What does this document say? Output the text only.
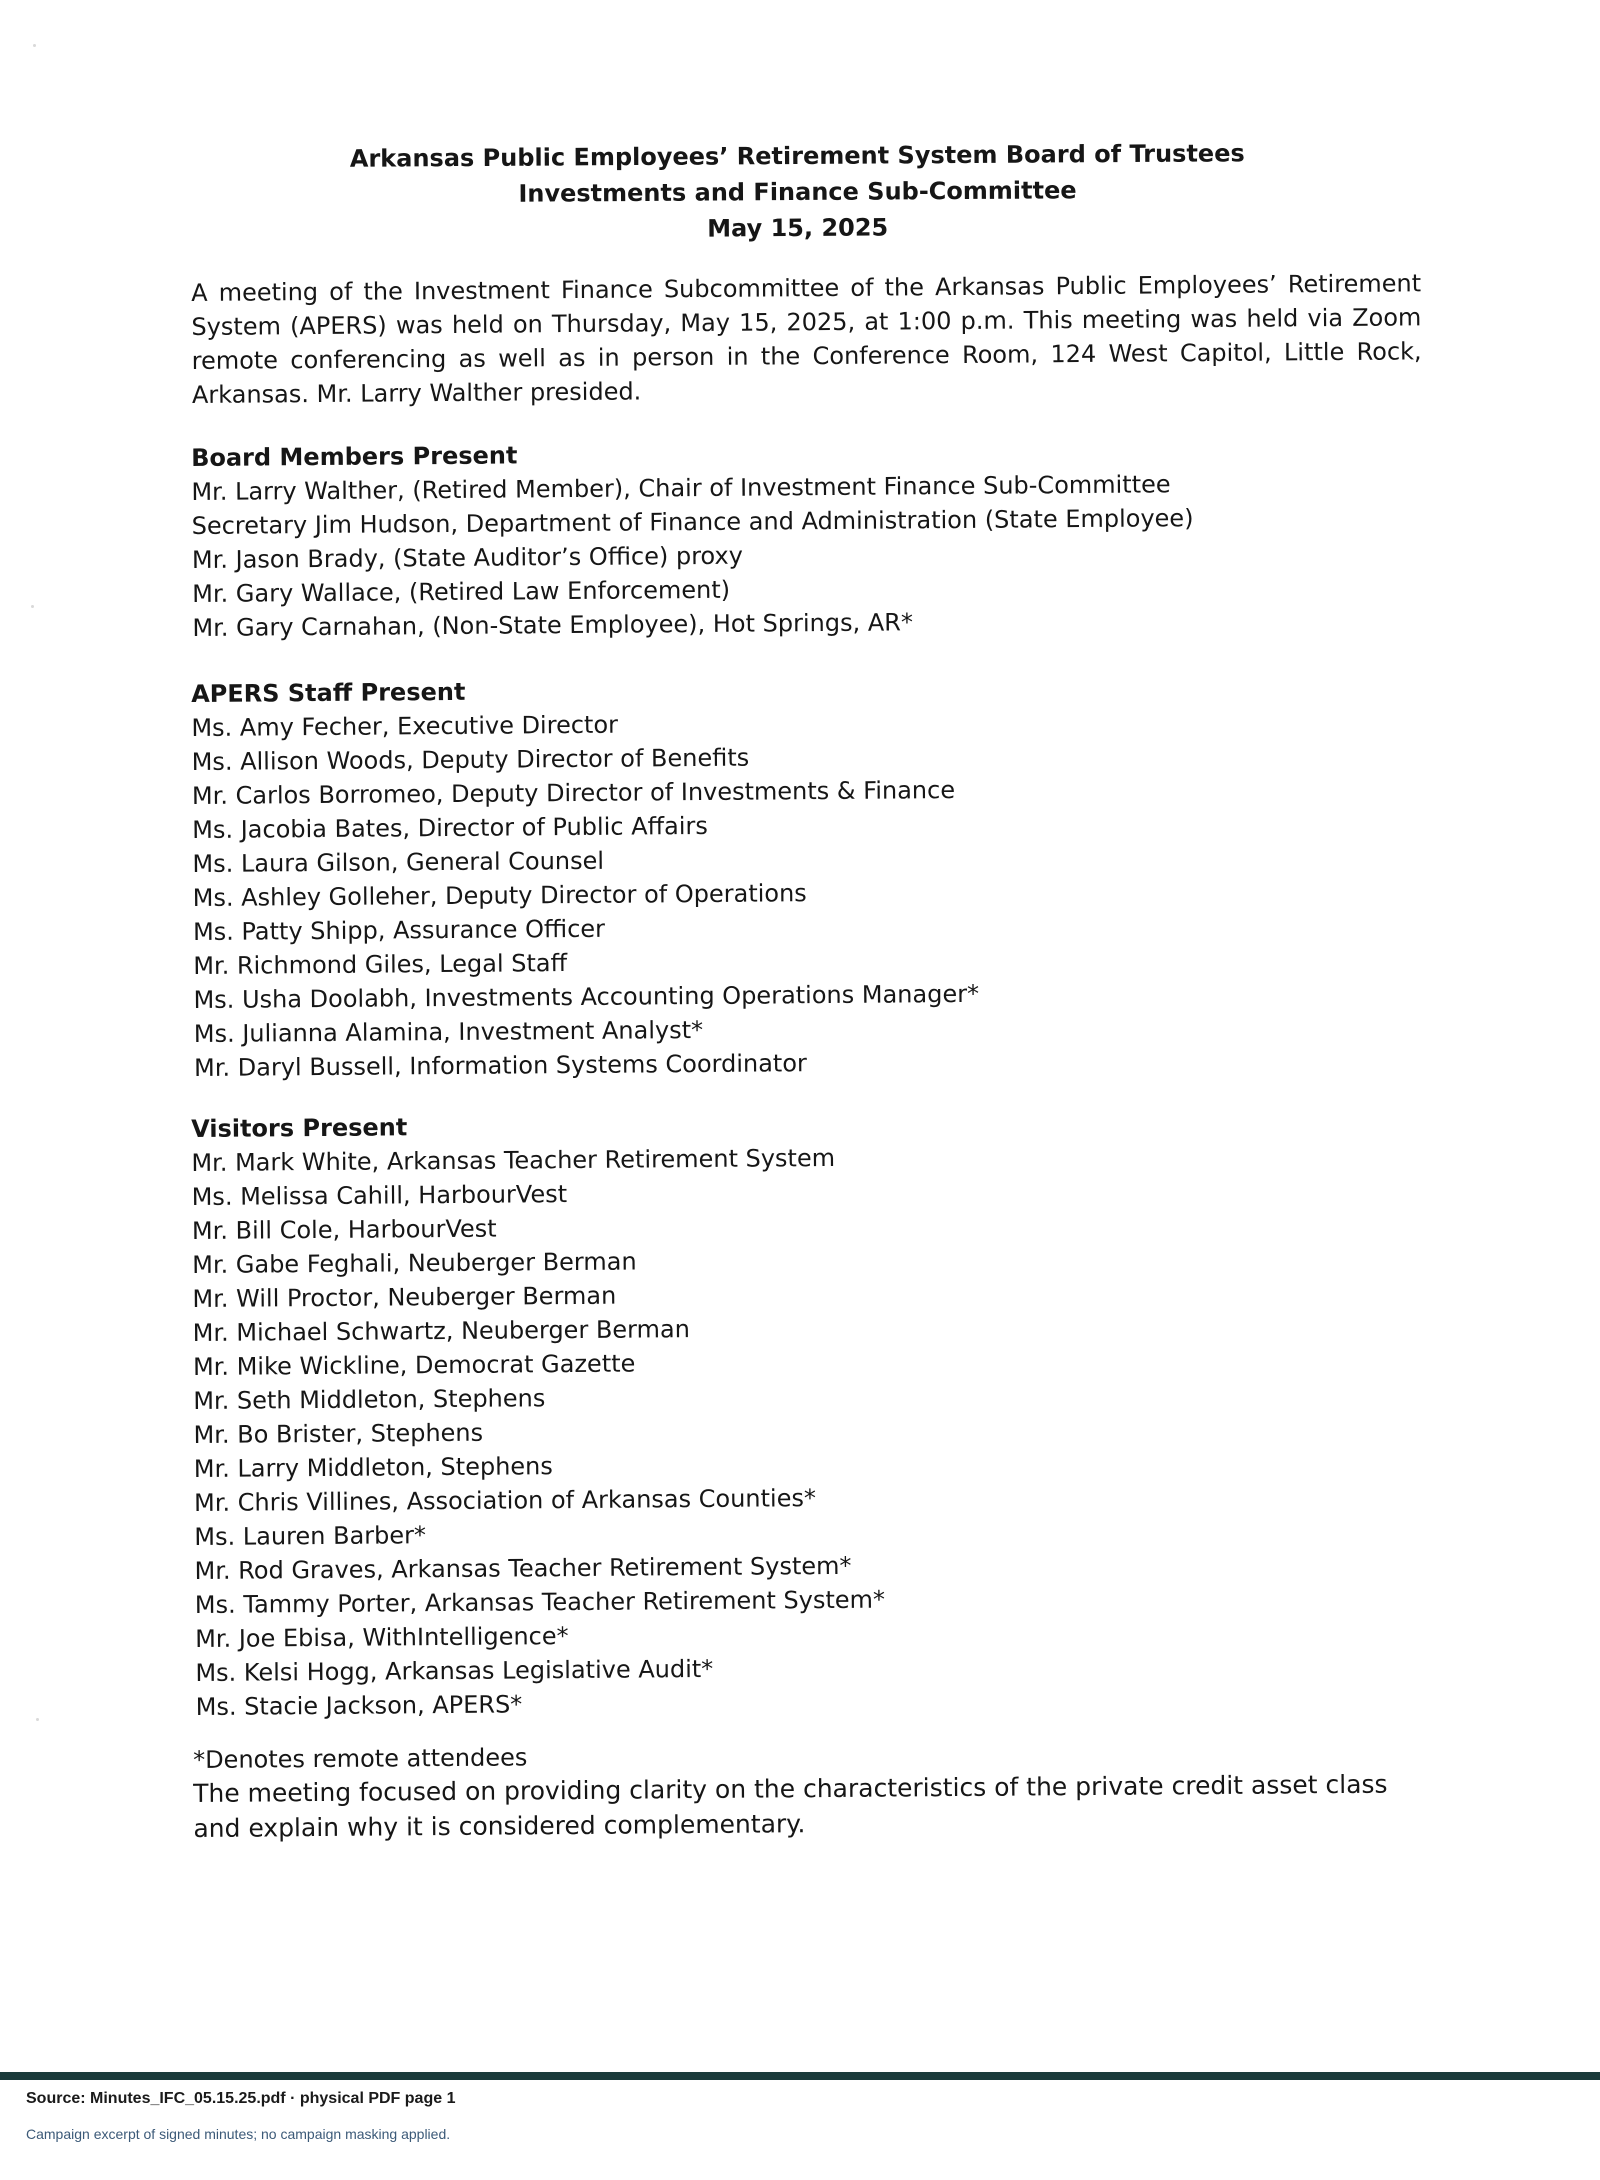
Arkansas Public Employees’ Retirement System Board of Trustees
Investments and Finance Sub-Committee
May 15, 2025
A meeting of the Investment Finance Subcommittee of the Arkansas Public Employees’ Retirement System (APERS) was held on Thursday, May 15, 2025, at 1:00 p.m. This meeting was held via Zoom remote conferencing as well as in person in the Conference Room, 124 West Capitol, Little Rock, Arkansas. Mr. Larry Walther presided.
Board Members Present
Mr. Larry Walther, (Retired Member), Chair of Investment Finance Sub-Committee
Secretary Jim Hudson, Department of Finance and Administration (State Employee)
Mr. Jason Brady, (State Auditor’s Office) proxy
Mr. Gary Wallace, (Retired Law Enforcement)
Mr. Gary Carnahan, (Non-State Employee), Hot Springs, AR*
APERS Staff Present
Ms. Amy Fecher, Executive Director
Ms. Allison Woods, Deputy Director of Benefits
Mr. Carlos Borromeo, Deputy Director of Investments & Finance
Ms. Jacobia Bates, Director of Public Affairs
Ms. Laura Gilson, General Counsel
Ms. Ashley Golleher, Deputy Director of Operations
Ms. Patty Shipp, Assurance Officer
Mr. Richmond Giles, Legal Staff
Ms. Usha Doolabh, Investments Accounting Operations Manager*
Ms. Julianna Alamina, Investment Analyst*
Mr. Daryl Bussell, Information Systems Coordinator
Visitors Present
Mr. Mark White, Arkansas Teacher Retirement System
Ms. Melissa Cahill, HarbourVest
Mr. Bill Cole, HarbourVest
Mr. Gabe Feghali, Neuberger Berman
Mr. Will Proctor, Neuberger Berman
Mr. Michael Schwartz, Neuberger Berman
Mr. Mike Wickline, Democrat Gazette
Mr. Seth Middleton, Stephens
Mr. Bo Brister, Stephens
Mr. Larry Middleton, Stephens
Mr. Chris Villines, Association of Arkansas Counties*
Ms. Lauren Barber*
Mr. Rod Graves, Arkansas Teacher Retirement System*
Ms. Tammy Porter, Arkansas Teacher Retirement System*
Mr. Joe Ebisa, WithIntelligence*
Ms. Kelsi Hogg, Arkansas Legislative Audit*
Ms. Stacie Jackson, APERS*
*Denotes remote attendees
The meeting focused on providing clarity on the characteristics of the private credit asset class and explain why it is considered complementary.
Source: Minutes_IFC_05.15.25.pdf · physical PDF page 1
Campaign excerpt of signed minutes; no campaign masking applied.
